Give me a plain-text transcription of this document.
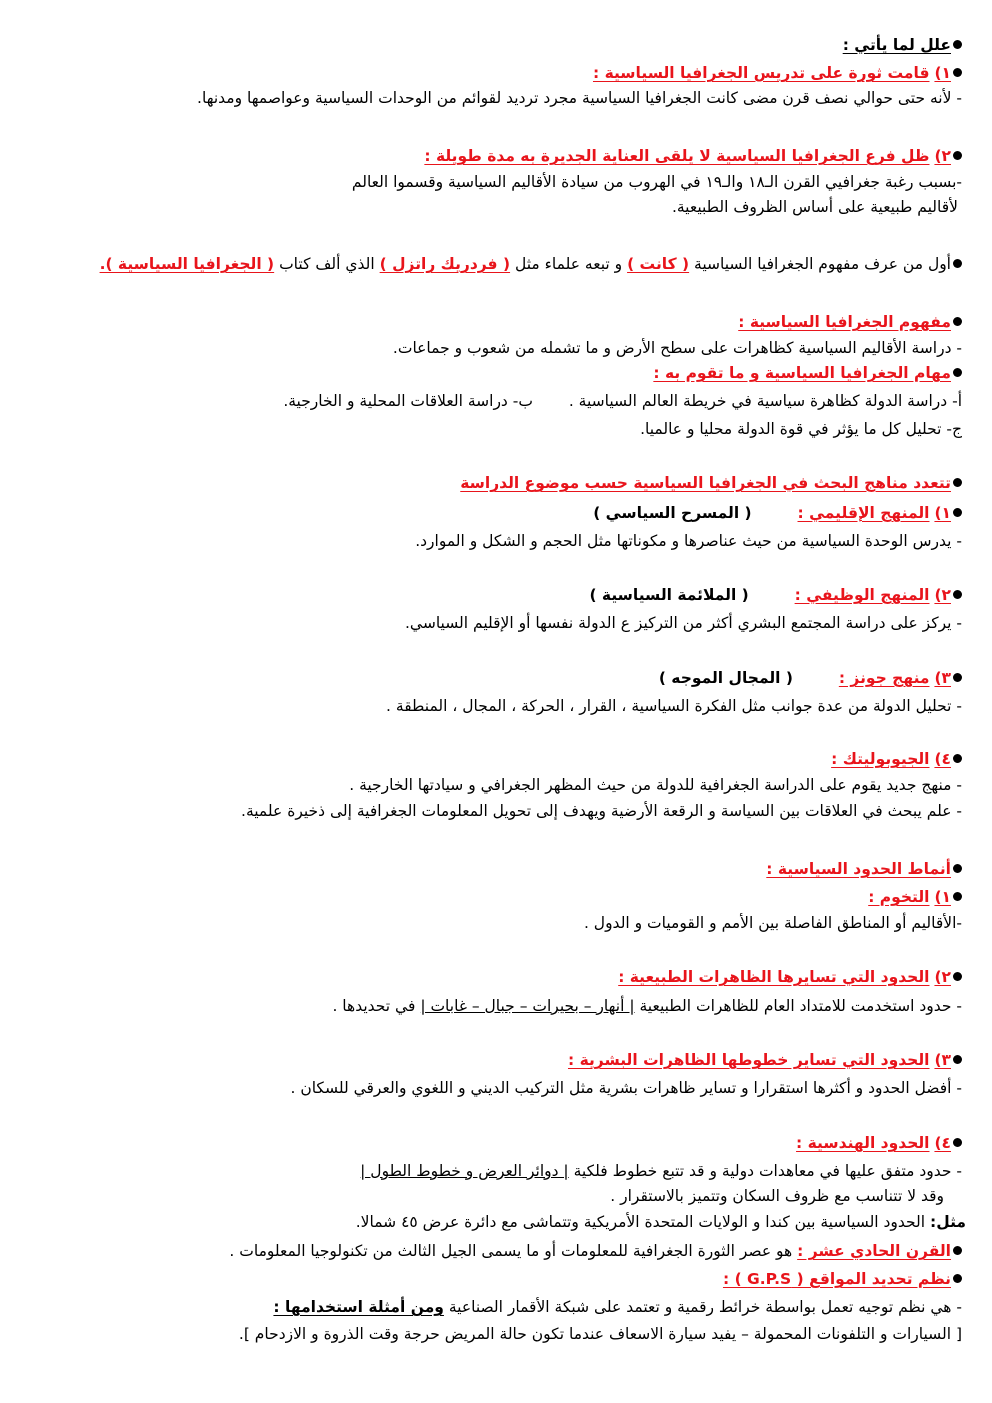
علل لما يأتي :
١) قامت ثورة على تدريس الجغرافيا السياسية :
- لأنه حتى حوالي نصف قرن مضى كانت الجغرافيا السياسية مجرد ترديد لقوائم من الوحدات السياسية وعواصمها ومدنها.
٢) ظل فرع الجغرافيا السياسية لا يلقى العناية الجديرة به مدة طويلة :
-بسبب رغبة جغرافيي القرن الـ١٨ والـ١٩ في الهروب من سيادة الأقاليم السياسية وقسموا العالم
لأقاليم طبيعية على أساس الظروف الطبيعية.
أول من عرف مفهوم الجغرافيا السياسية ( كانت ) و تبعه علماء مثل ( فردريك راتزل ) الذي ألف كتاب ( الجغرافيا السياسية ).
مفهوم الجغرافيا السياسية :
- دراسة الأقاليم السياسية كظاهرات على سطح الأرض و ما تشمله من شعوب و جماعات.
مهام الجغرافيا السياسية و ما تقوم به :
أ- دراسة الدولة كظاهرة سياسية في خريطة العالم السياسية .  ب- دراسة العلاقات المحلية و الخارجية.
ج- تحليل كل ما يؤثر في قوة الدولة محليا و عالميا.
تتعدد مناهج البحث في الجغرافيا السياسية حسب موضوع الدراسة
١) المنهج الإقليمي :  ( المسرح السياسي )
- يدرس الوحدة السياسية من حيث عناصرها و مكوناتها مثل الحجم و الشكل و الموارد.
٢) المنهج الوظيفي :  ( الملائمة السياسية )
- يركز على دراسة المجتمع البشري أكثر من التركيز ع الدولة نفسها أو الإقليم السياسي.
٣) منهج جونز :  ( المجال الموجه )
- تحليل الدولة من عدة جوانب مثل الفكرة السياسية ، القرار ، الحركة ، المجال ، المنطقة .
٤) الجيوبوليتك :
- منهج جديد يقوم على الدراسة الجغرافية للدولة من حيث المظهر الجغرافي و سيادتها الخارجية .
- علم يبحث في العلاقات بين السياسة و الرقعة الأرضية ويهدف إلى تحويل المعلومات الجغرافية إلى ذخيرة علمية.
أنماط الحدود السياسية :
١) التخوم :
-الأقاليم أو المناطق الفاصلة بين الأمم و القوميات و الدول .
٢) الحدود التي تسايرها الظاهرات الطبيعية :
- حدود استخدمت للامتداد العام للظاهرات الطبيعية | أنهار – بحيرات – جبال – غابات | في تحديدها .
٣) الحدود التي تساير خطوطها الظاهرات البشرية :
- أفضل الحدود و أكثرها استقرارا و تساير ظاهرات بشرية مثل التركيب الديني و اللغوي والعرقي للسكان .
٤) الحدود الهندسية :
- حدود متفق عليها في معاهدات دولية و قد تتبع خطوط فلكية | دوائر العرض و خطوط الطول |
وقد لا تتناسب مع ظروف السكان وتتميز بالاستقرار .
مثل: الحدود السياسية بين كندا و الولايات المتحدة الأمريكية وتتماشى مع دائرة عرض ٤٥ شمالا.
القرن الحادي عشر : هو عصر الثورة الجغرافية للمعلومات أو ما يسمى الجيل الثالث من تكنولوجيا المعلومات .
نظم تحديد المواقع ( G.P.S ) :
- هي نظم توجيه تعمل بواسطة خرائط رقمية و تعتمد على شبكة الأقمار الصناعية ومن أمثلة استخدامها :
[ السيارات و التلفونات المحمولة – يفيد سيارة الاسعاف عندما تكون حالة المريض حرجة وقت الذروة و الازدحام ].
